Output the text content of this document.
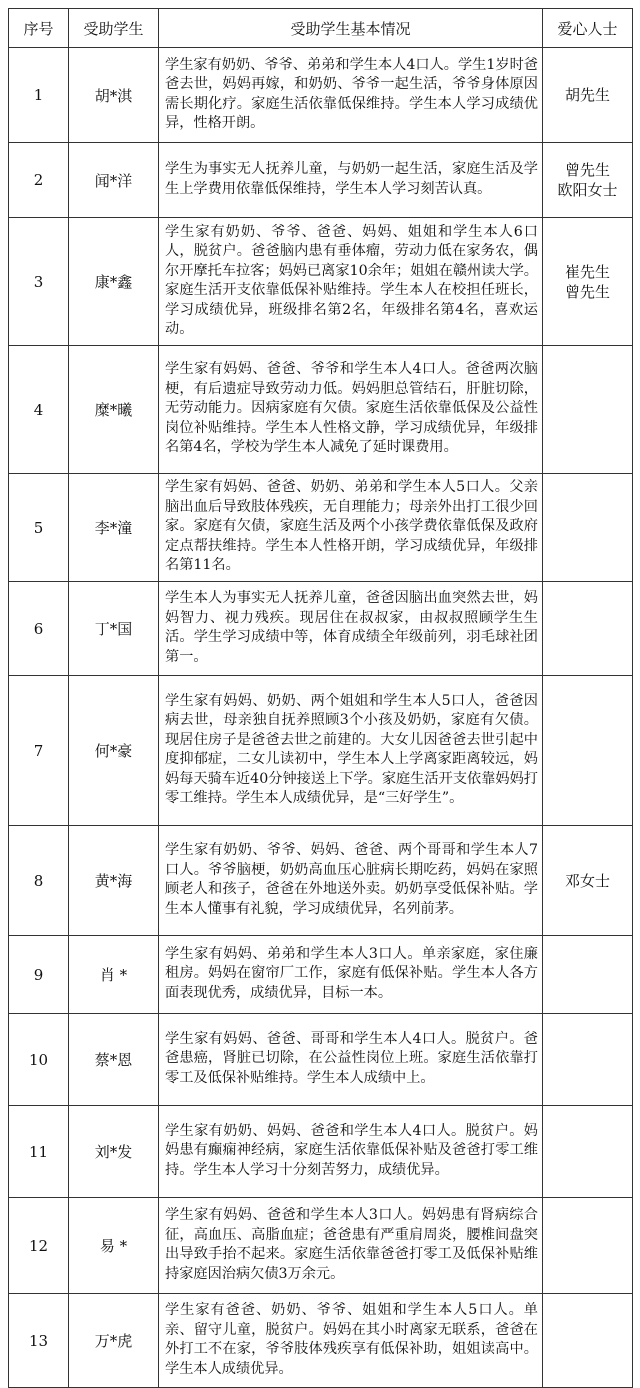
序号	受助学生	受助学生基本情况	爱心人士
1	胡*淇	学生家有奶奶、爷爷、弟弟和学生本人4口人。学生1岁时爸爸去世，妈妈再嫁，和奶奶、爷爷一起生活，爷爷身体原因需长期化疗。家庭生活依靠低保维持。学生本人学习成绩优异，性格开朗。	胡先生

2	闻*洋	学生为事实无人抚养儿童，与奶奶一起生活，家庭生活及学生上学费用依靠低保维持，学生本人学习刻苦认真。	曾先生
欧阳女士

3	康*鑫	学生家有奶奶、爷爷、爸爸、妈妈、姐姐和学生本人6口人，脱贫户。爸爸脑内患有垂体瘤，劳动力低在家务农，偶尔开摩托车拉客；妈妈已离家10余年；姐姐在赣州读大学。家庭生活开支依靠低保补贴维持。学生本人在校担任班长，学习成绩优异，班级排名第2名，年级排名第4名，喜欢运动。	崔先生
曾先生

4	糜*曦	学生家有妈妈、爸爸、爷爷和学生本人4口人。爸爸两次脑梗，有后遗症导致劳动力低。妈妈胆总管结石，肝脏切除，无劳动能力。因病家庭有欠债。家庭生活依靠低保及公益性岗位补贴维持。学生本人性格文静，学习成绩优异，年级排名第4名，学校为学生本人减免了延时课费用。	
5	李*潼	学生家有妈妈、爸爸、奶奶、弟弟和学生本人5口人。父亲脑出血后导致肢体残疾，无自理能力；母亲外出打工很少回家。家庭有欠债，家庭生活及两个小孩学费依靠低保及政府定点帮扶维持。学生本人性格开朗，学习成绩优异，年级排名第11名。	
6	丁*国	学生本人为事实无人抚养儿童，爸爸因脑出血突然去世，妈妈智力、视力残疾。现居住在叔叔家，由叔叔照顾学生生活。学生学习成绩中等，体育成绩全年级前列，羽毛球社团第一。	
7	何*豪	学生家有妈妈、奶奶、两个姐姐和学生本人5口人，爸爸因病去世，母亲独自抚养照顾3个小孩及奶奶，家庭有欠债。现居住房子是爸爸去世之前建的。大女儿因爸爸去世引起中度抑郁症，二女儿读初中，学生本人上学离家距离较远，妈妈每天骑车近40分钟接送上下学。家庭生活开支依靠妈妈打零工维持。学生本人成绩优异，是“三好学生”。	
8	黄*海	学生家有奶奶、爷爷、妈妈、爸爸、两个哥哥和学生本人7口人。爷爷脑梗，奶奶高血压心脏病长期吃药，妈妈在家照顾老人和孩子，爸爸在外地送外卖。奶奶享受低保补贴。学生本人懂事有礼貌，学习成绩优异，名列前茅。	邓女士

9	肖 *	学生家有妈妈、弟弟和学生本人3口人。单亲家庭，家住廉租房。妈妈在窗帘厂工作，家庭有低保补贴。学生本人各方面表现优秀，成绩优异，目标一本。	
10	蔡*恩	学生家有妈妈、爸爸、哥哥和学生本人4口人。脱贫户。爸爸患癌，肾脏已切除，在公益性岗位上班。家庭生活依靠打零工及低保补贴维持。学生本人成绩中上。	
11	刘*发	学生家有奶奶、妈妈、爸爸和学生本人4口人。脱贫户。妈妈患有癫痫神经病，家庭生活依靠低保补贴及爸爸打零工维持。学生本人学习十分刻苦努力，成绩优异。	
12	易 *	学生家有妈妈、爸爸和学生本人3口人。妈妈患有肾病综合征，高血压、高脂血症；爸爸患有严重肩周炎，腰椎间盘突出导致手抬不起来。家庭生活依靠爸爸打零工及低保补贴维持家庭因治病欠债3万余元。	
13	万*虎	学生家有爸爸、奶奶、爷爷、姐姐和学生本人5口人。单亲、留守儿童，脱贫户。妈妈在其小时离家无联系，爸爸在外打工不在家，爷爷肢体残疾享有低保补助，姐姐读高中。学生本人成绩优异。	
